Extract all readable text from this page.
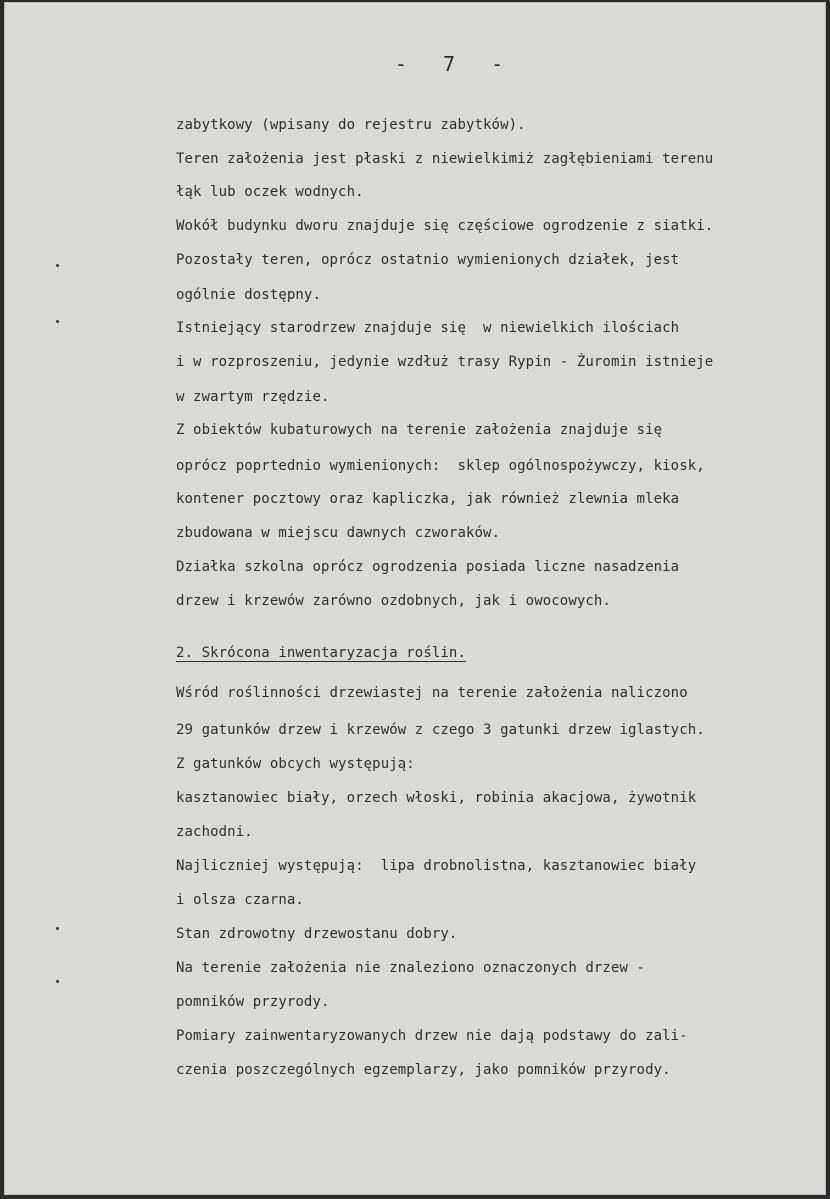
-   7   -
zabytkowy (wpisany do rejestru zabytków).
Teren założenia jest płaski z niewielkimiż zagłębieniami terenu
łąk lub oczek wodnych.
Wokół budynku dworu znajduje się częściowe ogrodzenie z siatki.
Pozostały teren, oprócz ostatnio wymienionych działek, jest
ogólnie dostępny.
Istniejący starodrzew znajduje się  w niewielkich ilościach
i w rozproszeniu, jedynie wzdłuż trasy Rypin - Żuromin istnieje
w zwartym rzędzie.
Z obiektów kubaturowych na terenie założenia znajduje się
oprócz poprtednio wymienionych:  sklep ogólnospożywczy, kiosk,
kontener pocztowy oraz kapliczka, jak również zlewnia mleka
zbudowana w miejscu dawnych czworaków.
Działka szkolna oprócz ogrodzenia posiada liczne nasadzenia
drzew i krzewów zarówno ozdobnych, jak i owocowych.
2. Skrócona inwentaryzacja roślin.
Wśród roślinności drzewiastej na terenie założenia naliczono
29 gatunków drzew i krzewów z czego 3 gatunki drzew iglastych.
Z gatunków obcych występują:
kasztanowiec biały, orzech włoski, robinia akacjowa, żywotnik
zachodni.
Najliczniej występują:  lipa drobnolistna, kasztanowiec biały
i olsza czarna.
Stan zdrowotny drzewostanu dobry.
Na terenie założenia nie znaleziono oznaczonych drzew -
pomników przyrody.
Pomiary zainwentaryzowanych drzew nie dają podstawy do zali-
czenia poszczególnych egzemplarzy, jako pomników przyrody.
